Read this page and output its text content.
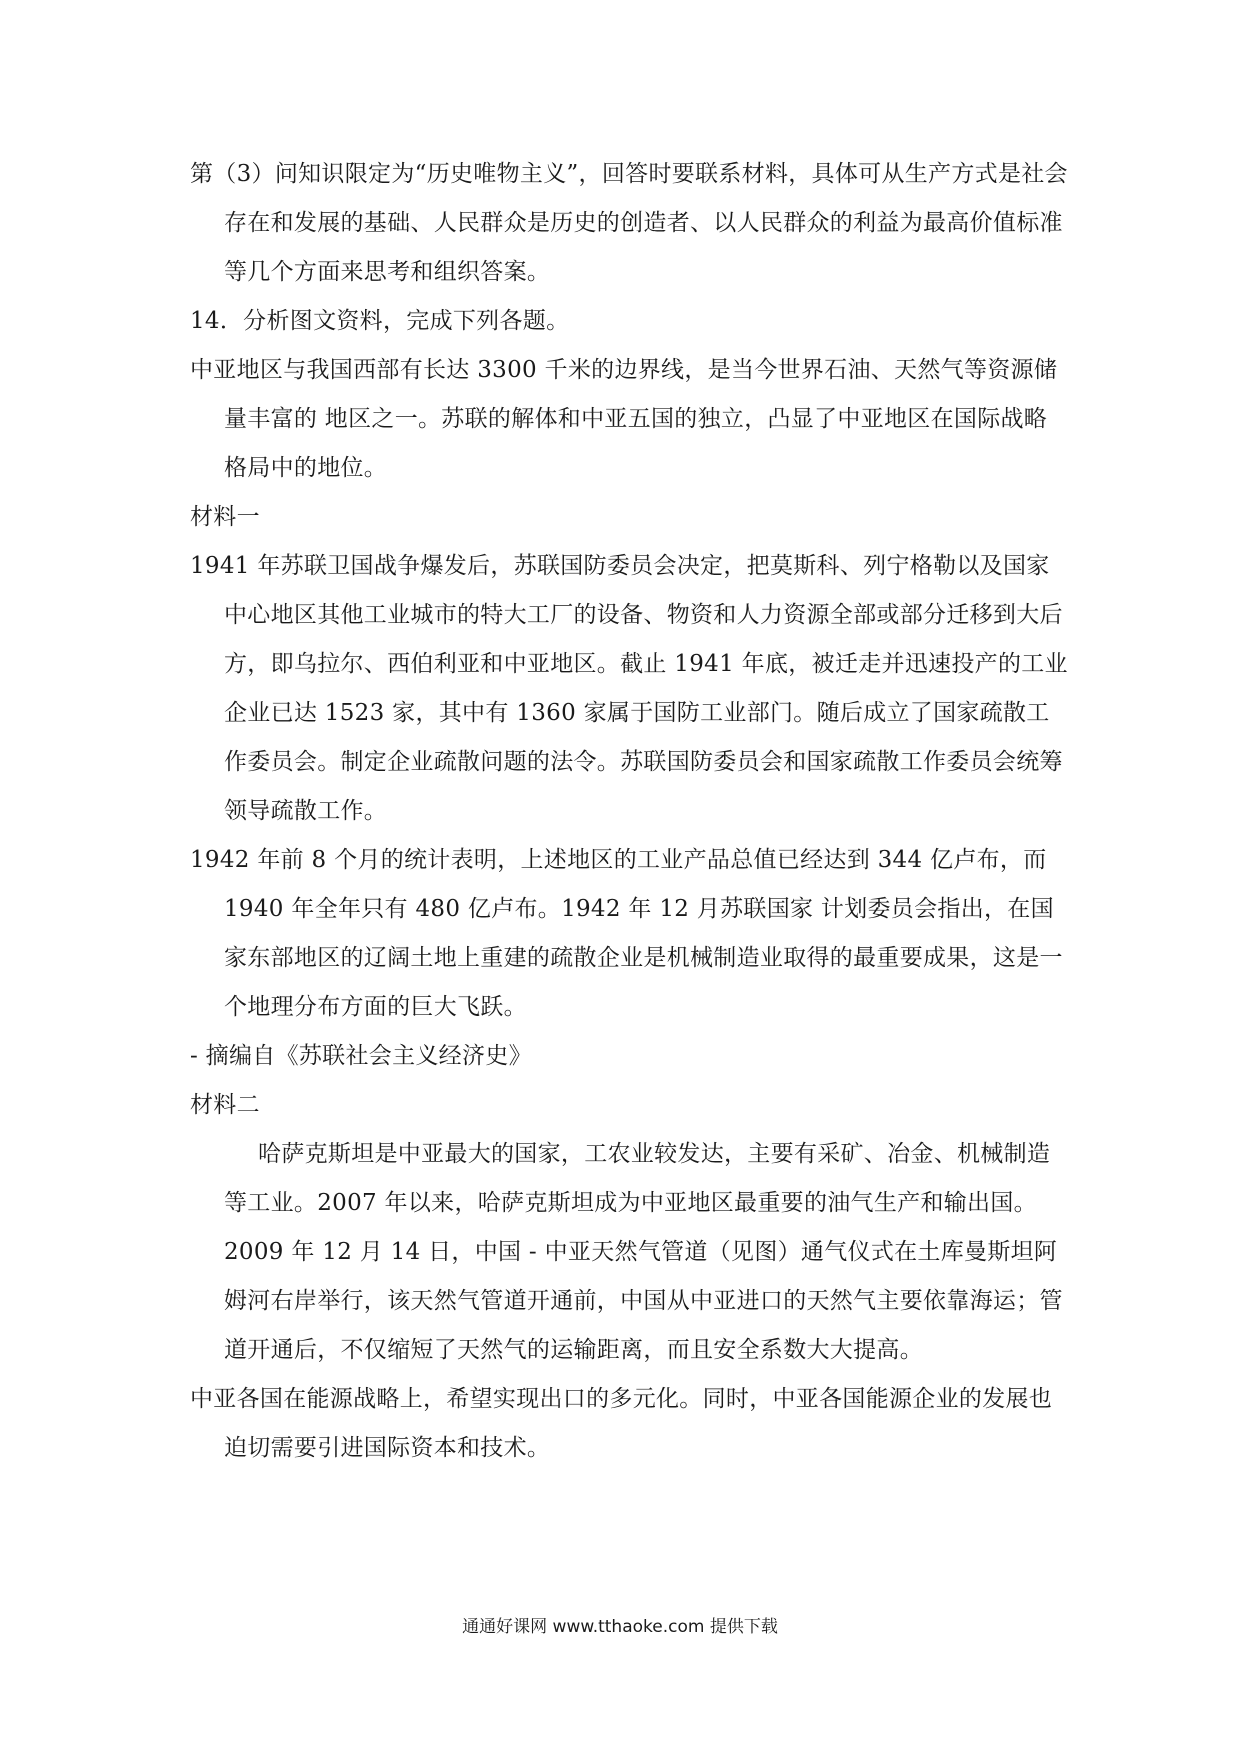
第（3）问知识限定为“历史唯物主义”，回答时要联系材料，具体可从生产方式是社会存在和发展的基础、人民群众是历史的创造者、以人民群众的利益为最高价值标准等几个方面来思考和组织答案。

14．分析图文资料，完成下列各题。

中亚地区与我国西部有长达 3300 千米的边界线，是当今世界石油、天然气等资源储量丰富的 地区之一。苏联的解体和中亚五国的独立，凸显了中亚地区在国际战略格局中的地位。

材料一

1941 年苏联卫国战争爆发后，苏联国防委员会决定，把莫斯科、列宁格勒以及国家中心地区其他工业城市的特大工厂的设备、物资和人力资源全部或部分迁移到大后方，即乌拉尔、西伯利亚和中亚地区。截止 1941 年底，被迁走并迅速投产的工业企业已达 1523 家，其中有 1360 家属于国防工业部门。随后成立了国家疏散工作委员会。制定企业疏散问题的法令。苏联国防委员会和国家疏散工作委员会统筹领导疏散工作。

1942 年前 8 个月的统计表明，上述地区的工业产品总值已经达到 344 亿卢布，而 1940 年全年只有 480 亿卢布。1942 年 12 月苏联国家 计划委员会指出，在国家东部地区的辽阔土地上重建的疏散企业是机械制造业取得的最重要成果，这是一个地理分布方面的巨大飞跃。

- 摘编自《苏联社会主义经济史》

材料二

哈萨克斯坦是中亚最大的国家，工农业较发达，主要有采矿、冶金、机械制造等工业。2007 年以来，哈萨克斯坦成为中亚地区最重要的油气生产和输出国。2009 年 12 月 14 日，中国 - 中亚天然气管道（见图）通气仪式在土库曼斯坦阿姆河右岸举行，该天然气管道开通前，中国从中亚进口的天然气主要依靠海运；管道开通后，不仅缩短了天然气的运输距离，而且安全系数大大提高。

中亚各国在能源战略上，希望实现出口的多元化。同时，中亚各国能源企业的发展也迫切需要引进国际资本和技术。

通通好课网 www.tthaoke.com 提供下载
